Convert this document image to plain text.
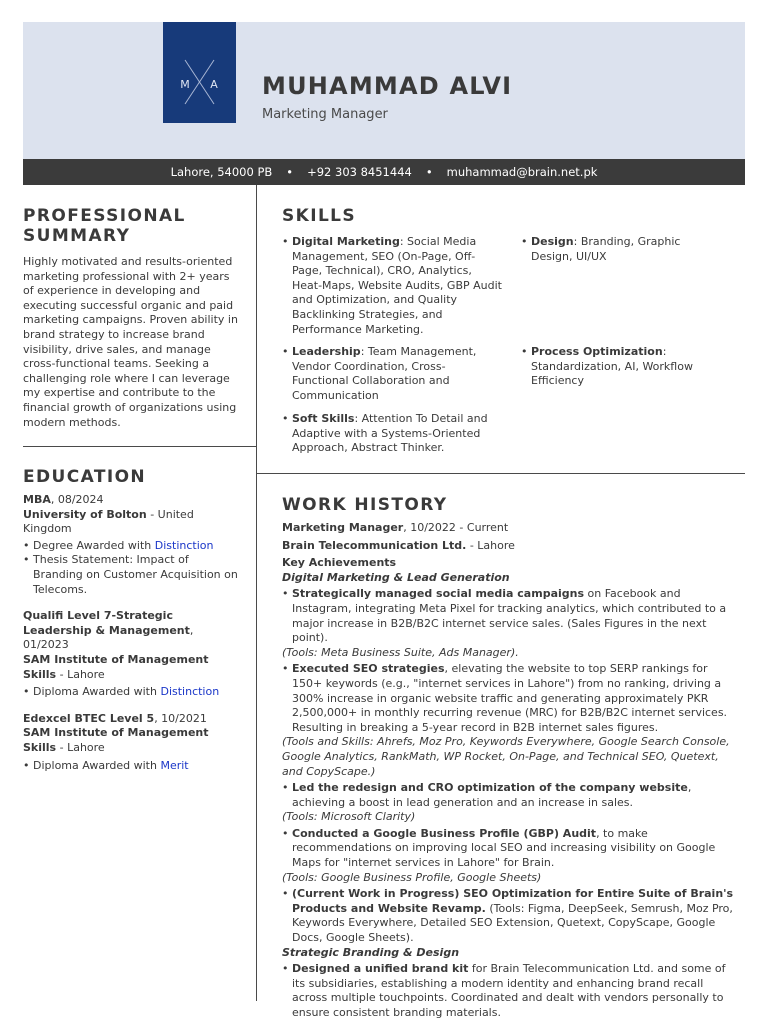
M A MUHAMMAD ALVI
Marketing Manager
Lahore, 54000 PB • +92 303 8451444 • muhammad@brain.net.pk
PROFESSIONAL
SUMMARY
Highly motivated and results-oriented marketing professional with 2+ years of experience in developing and executing successful organic and paid marketing campaigns. Proven ability in brand strategy to increase brand visibility, drive sales, and manage cross-functional teams. Seeking a challenging role where I can leverage my expertise and contribute to the financial growth of organizations using modern methods.
EDUCATION
MBA, 08/2024
University of Bolton - United Kingdom
• Degree Awarded with Distinction
• Thesis Statement: Impact of Branding on Customer Acquisition on Telecoms.
Qualifi Level 7-Strategic Leadership & Management, 01/2023
SAM Institute of Management Skills - Lahore
• Diploma Awarded with Distinction
Edexcel BTEC Level 5, 10/2021
SAM Institute of Management Skills - Lahore
• Diploma Awarded with Merit
SKILLS
• Digital Marketing: Social Media Management, SEO (On-Page, Off-Page, Technical), CRO, Analytics, Heat-Maps, Website Audits, GBP Audit and Optimization, and Quality Backlinking Strategies, and Performance Marketing.
• Design: Branding, Graphic Design, UI/UX
• Leadership: Team Management, Vendor Coordination, Cross-Functional Collaboration and Communication
• Process Optimization: Standardization, AI, Workflow Efficiency
• Soft Skills: Attention To Detail and Adaptive with a Systems-Oriented Approach, Abstract Thinker.
WORK HISTORY
Marketing Manager, 10/2022 - Current
Brain Telecommunication Ltd. - Lahore
Key Achievements
Digital Marketing & Lead Generation
• Strategically managed social media campaigns on Facebook and Instagram, integrating Meta Pixel for tracking analytics, which contributed to a major increase in B2B/B2C internet service sales. (Sales Figures in the next point).
(Tools: Meta Business Suite, Ads Manager).
• Executed SEO strategies, elevating the website to top SERP rankings for 150+ keywords (e.g., "internet services in Lahore") from no ranking, driving a 300% increase in organic website traffic and generating approximately PKR 2,500,000+ in monthly recurring revenue (MRC) for B2B/B2C internet services. Resulting in breaking a 5-year record in B2B internet sales figures.
(Tools and Skills: Ahrefs, Moz Pro, Keywords Everywhere, Google Search Console, Google Analytics, RankMath, WP Rocket, On-Page, and Technical SEO, Quetext, and CopyScape.)
• Led the redesign and CRO optimization of the company website, achieving a boost in lead generation and an increase in sales.
(Tools: Microsoft Clarity)
• Conducted a Google Business Profile (GBP) Audit, to make recommendations on improving local SEO and increasing visibility on Google Maps for "internet services in Lahore" for Brain.
(Tools: Google Business Profile, Google Sheets)
• (Current Work in Progress) SEO Optimization for Entire Suite of Brain's Products and Website Revamp. (Tools: Figma, DeepSeek, Semrush, Moz Pro, Keywords Everywhere, Detailed SEO Extension, Quetext, CopyScape, Google Docs, Google Sheets).
Strategic Branding & Design
• Designed a unified brand kit for Brain Telecommunication Ltd. and some of its subsidiaries, establishing a modern identity and enhancing brand recall across multiple touchpoints. Coordinated and dealt with vendors personally to ensure consistent branding materials.
